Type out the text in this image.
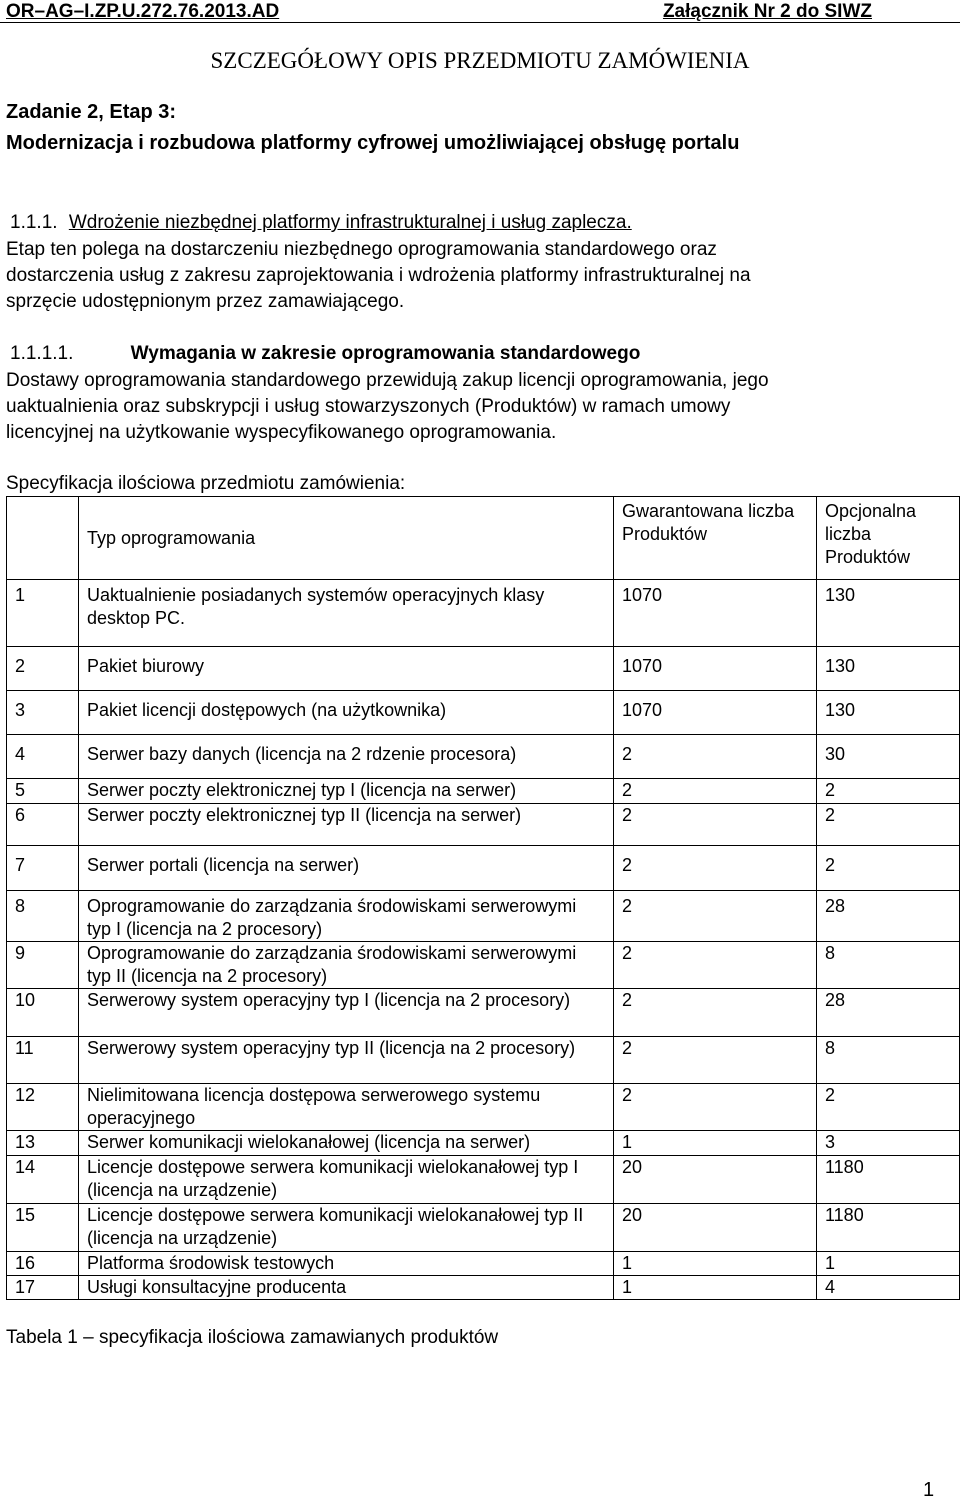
OR–AG–I.ZP.U.272.76.2013.AD	Załącznik Nr 2 do SIWZ
SZCZEGÓŁOWY OPIS PRZEDMIOTU ZAMÓWIENIA
Zadanie 2, Etap 3:
Modernizacja i rozbudowa platformy cyfrowej umożliwiającej obsługę portalu
1.1.1. Wdrożenie niezbędnej platformy infrastrukturalnej i usług zaplecza.
Etap ten polega na dostarczeniu niezbędnego oprogramowania standardowego oraz
dostarczenia usług z zakresu zaprojektowania i wdrożenia platformy infrastrukturalnej na
sprzęcie udostępnionym przez zamawiającego.
1.1.1.1.	Wymagania w zakresie oprogramowania standardowego
Dostawy oprogramowania standardowego przewidują zakup licencji oprogramowania, jego
uaktualnienia oraz subskrypcji i usług stowarzyszonych (Produktów) w ramach umowy
licencyjnej na użytkowanie wyspecyfikowanego oprogramowania.
Specyfikacja ilościowa przedmiotu zamówienia:
	Typ oprogramowania	Gwarantowana liczba Produktów	Opcjonalna liczba Produktów
1	Uaktualnienie posiadanych systemów operacyjnych klasy desktop PC.	1070	130
2	Pakiet biurowy	1070	130
3	Pakiet licencji dostępowych (na użytkownika)	1070	130
4	Serwer bazy danych (licencja na 2 rdzenie procesora)	2	30
5	Serwer poczty elektronicznej typ I (licencja na serwer)	2	2
6	Serwer poczty elektronicznej typ II (licencja na serwer)	2	2
7	Serwer portali (licencja na serwer)	2	2
8	Oprogramowanie do zarządzania środowiskami serwerowymi typ I (licencja na 2 procesory)	2	28
9	Oprogramowanie do zarządzania środowiskami serwerowymi typ II (licencja na 2 procesory)	2	8
10	Serwerowy system operacyjny typ I (licencja na 2 procesory)	2	28
11	Serwerowy system operacyjny typ II (licencja na 2 procesory)	2	8
12	Nielimitowana licencja dostępowa serwerowego systemu operacyjnego	2	2
13	Serwer komunikacji wielokanałowej (licencja na serwer)	1	3
14	Licencje dostępowe serwera komunikacji wielokanałowej typ I (licencja na urządzenie)	20	1180
15	Licencje dostępowe serwera komunikacji wielokanałowej typ II (licencja na urządzenie)	20	1180
16	Platforma środowisk testowych	1	1
17	Usługi konsultacyjne producenta	1	4
Tabela 1 – specyfikacja ilościowa zamawianych produktów
1
